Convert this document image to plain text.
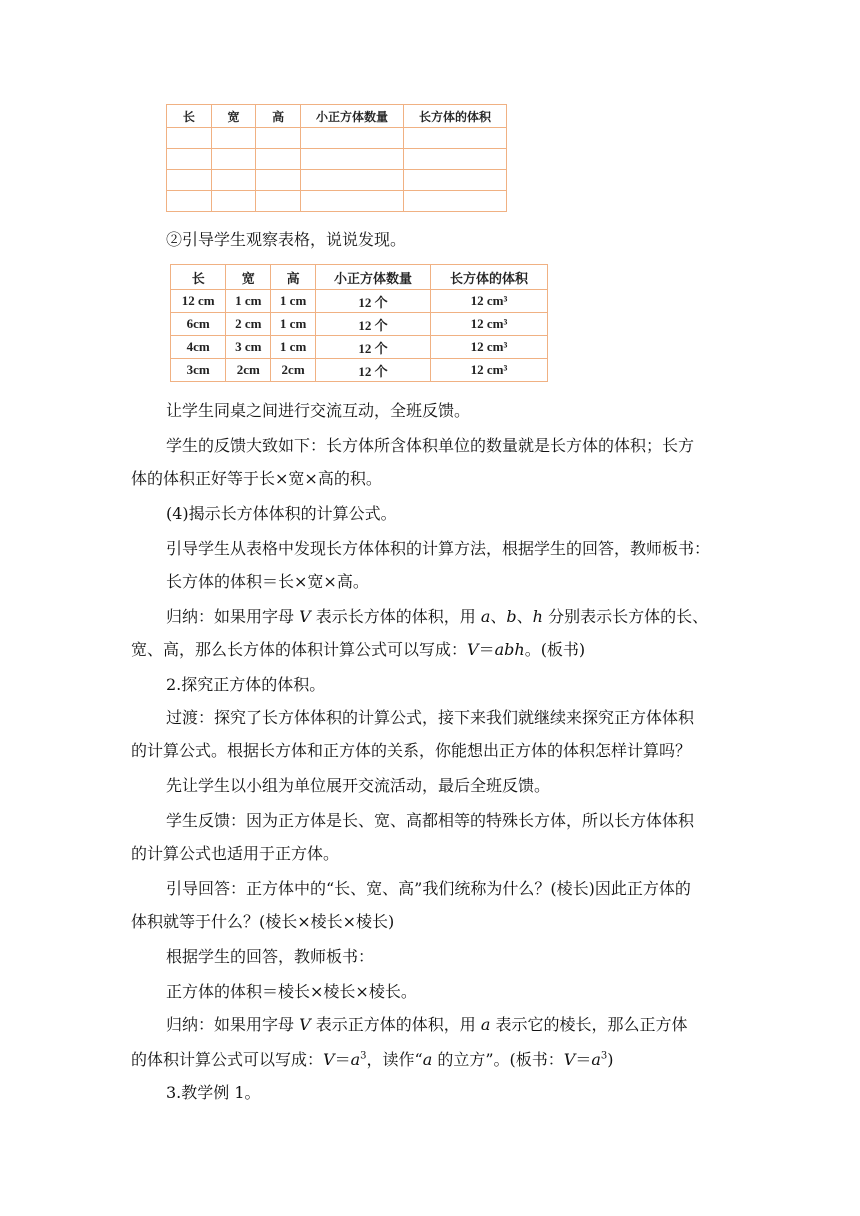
长	宽	高	小正方体数量	长方体的体积

②引导学生观察表格，说说发现。
长	宽	高	小正方体数量	长方体的体积
12 cm	1 cm	1 cm	12 个	12 cm³
6cm	2 cm	1 cm	12 个	12 cm³
4cm	3 cm	1 cm	12 个	12 cm³
3cm	2cm	2cm	12 个	12 cm³
让学生同桌之间进行交流互动，全班反馈。
学生的反馈大致如下：长方体所含体积单位的数量就是长方体的体积；长方
体的体积正好等于长×宽×高的积。
(4)揭示长方体体积的计算公式。
引导学生从表格中发现长方体体积的计算方法，根据学生的回答，教师板书：
长方体的体积＝长×宽×高。
归纳：如果用字母 V 表示长方体的体积，用 a、b、h 分别表示长方体的长、
宽、高，那么长方体的体积计算公式可以写成：V＝abh。(板书)
2.探究正方体的体积。
过渡：探究了长方体体积的计算公式，接下来我们就继续来探究正方体体积
的计算公式。根据长方体和正方体的关系，你能想出正方体的体积怎样计算吗？
先让学生以小组为单位展开交流活动，最后全班反馈。
学生反馈：因为正方体是长、宽、高都相等的特殊长方体，所以长方体体积
的计算公式也适用于正方体。
引导回答：正方体中的“长、宽、高”我们统称为什么？(棱长)因此正方体的
体积就等于什么？(棱长×棱长×棱长)
根据学生的回答，教师板书：
正方体的体积＝棱长×棱长×棱长。
归纳：如果用字母 V 表示正方体的体积，用 a 表示它的棱长，那么正方体
的体积计算公式可以写成：$V=a^3$，读作“a 的立方”。(板书：$V=a^3$)
3.教学例 1。
